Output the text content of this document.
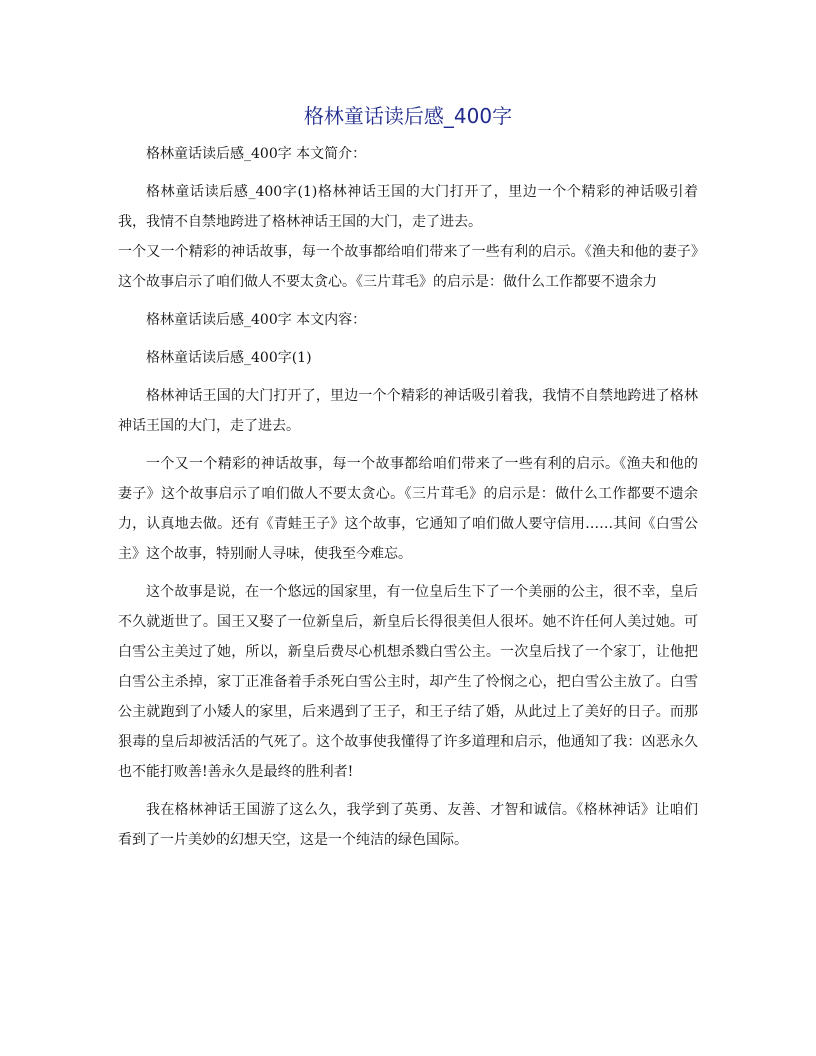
格林童话读后感_400字

格林童话读后感_400字 本文简介：

格林童话读后感_400字(1)格林神话王国的大门打开了，里边一个个精彩的神话吸引着我，我情不自禁地跨进了格林神话王国的大门，走了进去。

一个又一个精彩的神话故事，每一个故事都给咱们带来了一些有利的启示。《渔夫和他的妻子》这个故事启示了咱们做人不要太贪心。《三片茸毛》的启示是：做什么工作都要不遗余力

格林童话读后感_400字 本文内容：

格林童话读后感_400字(1)

格林神话王国的大门打开了，里边一个个精彩的神话吸引着我，我情不自禁地跨进了格林神话王国的大门，走了进去。

一个又一个精彩的神话故事，每一个故事都给咱们带来了一些有利的启示。《渔夫和他的妻子》这个故事启示了咱们做人不要太贪心。《三片茸毛》的启示是：做什么工作都要不遗余力，认真地去做。还有《青蛙王子》这个故事，它通知了咱们做人要守信用……其间《白雪公主》这个故事，特别耐人寻味，使我至今难忘。

这个故事是说，在一个悠远的国家里，有一位皇后生下了一个美丽的公主，很不幸，皇后不久就逝世了。国王又娶了一位新皇后，新皇后长得很美但人很坏。她不许任何人美过她。可白雪公主美过了她，所以，新皇后费尽心机想杀戮白雪公主。一次皇后找了一个家丁，让他把白雪公主杀掉，家丁正准备着手杀死白雪公主时，却产生了怜悯之心，把白雪公主放了。白雪公主就跑到了小矮人的家里，后来遇到了王子，和王子结了婚，从此过上了美好的日子。而那狠毒的皇后却被活活的气死了。这个故事使我懂得了许多道理和启示，他通知了我：凶恶永久也不能打败善!善永久是最终的胜利者!

我在格林神话王国游了这么久，我学到了英勇、友善、才智和诚信。《格林神话》让咱们看到了一片美妙的幻想天空，这是一个纯洁的绿色国际。
